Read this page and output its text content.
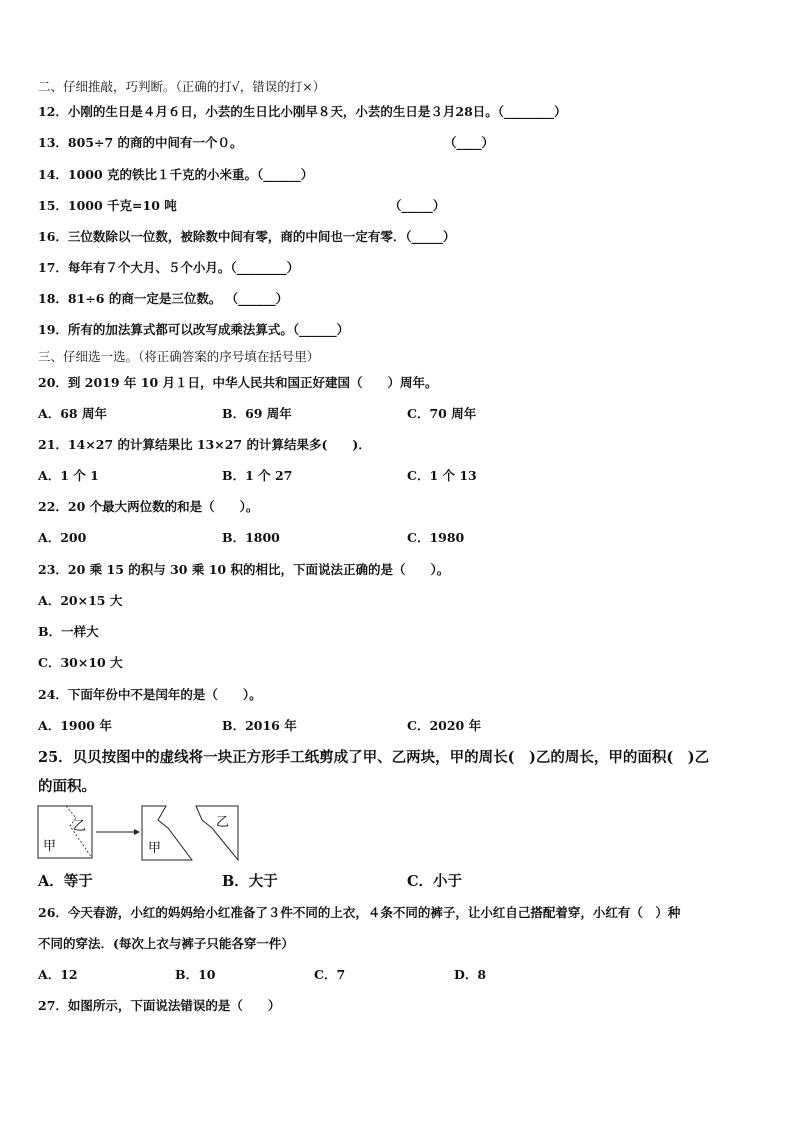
二、仔细推敲，巧判断。（正确的打√，错误的打×）
12．小刚的生日是４月６日，小芸的生日比小刚早８天，小芸的生日是３月28日。（________）
13．805÷7 的商的中间有一个０。	（____）
14．1000 克的铁比１千克的小米重。（______）
15．1000 千克=10 吨	（_____）
16．三位数除以一位数，被除数中间有零，商的中间也一定有零．（_____）
17．每年有７个大月、５个小月。（________）
18．81÷6 的商一定是三位数。 （______）
19．所有的加法算式都可以改写成乘法算式。（______）
三、仔细选一选。（将正确答案的序号填在括号里）
20．到 2019 年 10 月１日，中华人民共和国正好建国（　　）周年。
A．68 周年	B．69 周年	C．70 周年
21．14×27 的计算结果比 13×27 的计算结果多(　　)．
A．1 个 1	B．1 个 27	C．1 个 13
22．20 个最大两位数的和是（　　）。
A．200	B．1800	C．1980
23．20 乘 15 的积与 30 乘 10 积的相比，下面说法正确的是（　　）。
A．20×15 大
B．一样大
C．30×10 大
24．下面年份中不是闰年的是（　　）。
A．1900 年	B．2016 年	C．2020 年
25．贝贝按图中的虚线将一块正方形手工纸剪成了甲、乙两块，甲的周长(　)乙的周长，甲的面积(　)乙
的面积。
甲
乙
甲
乙
A．等于	B．大于	C．小于
26．今天春游，小红的妈妈给小红准备了３件不同的上衣，４条不同的裤子，让小红自己搭配着穿，小红有（　）种
不同的穿法．(每次上衣与裤子只能各穿一件）
A．12	B．10	C．7	D．8
27．如图所示，下面说法错误的是（　　）
